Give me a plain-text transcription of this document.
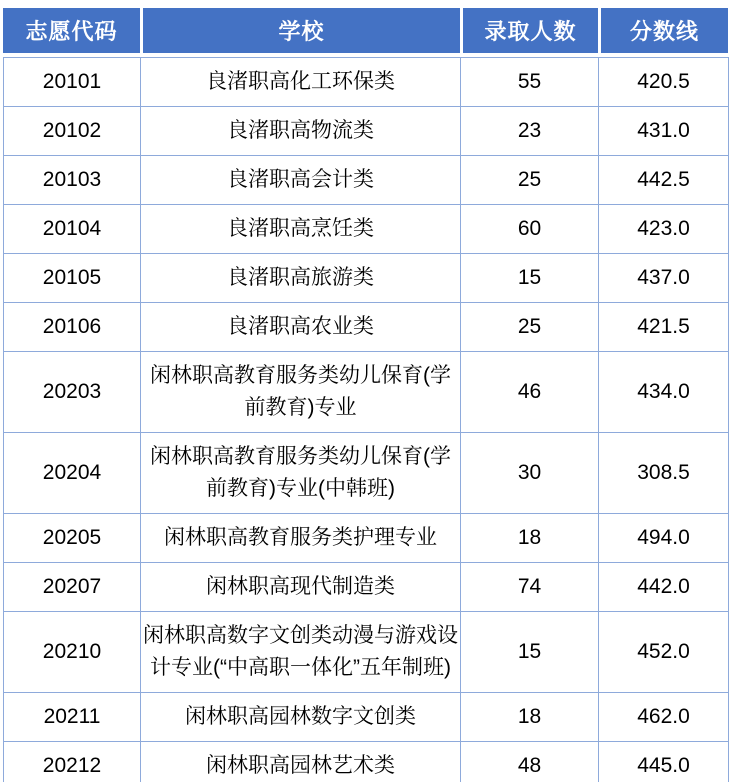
志愿代码	学校	录取人数	分数线
20101	良渚职高化工环保类	55	420.5
20102	良渚职高物流类	23	431.0
20103	良渚职高会计类	25	442.5
20104	良渚职高烹饪类	60	423.0
20105	良渚职高旅游类	15	437.0
20106	良渚职高农业类	25	421.5
20203	闲林职高教育服务类幼儿保育(学前教育)专业	46	434.0
20204	闲林职高教育服务类幼儿保育(学前教育)专业(中韩班)	30	308.5
20205	闲林职高教育服务类护理专业	18	494.0
20207	闲林职高现代制造类	74	442.0
20210	闲林职高数字文创类动漫与游戏设计专业(“中高职一体化”五年制班)	15	452.0
20211	闲林职高园林数字文创类	18	462.0
20212	闲林职高园林艺术类	48	445.0
